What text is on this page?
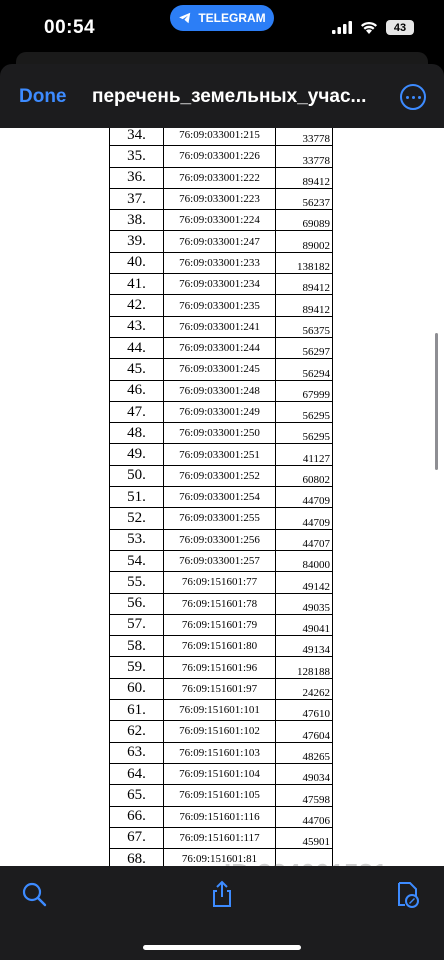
00:54	TELEGRAM
43
Done перечень_земельных_учас...
34.	76:09:033001:215	33778
35.	76:09:033001:226	33778
36.	76:09:033001:222	89412
37.	76:09:033001:223	56237
38.	76:09:033001:224	69089
39.	76:09:033001:247	89002
40.	76:09:033001:233	138182
41.	76:09:033001:234	89412
42.	76:09:033001:235	89412
43.	76:09:033001:241	56375
44.	76:09:033001:244	56297
45.	76:09:033001:245	56294
46.	76:09:033001:248	67999
47.	76:09:033001:249	56295
48.	76:09:033001:250	56295
49.	76:09:033001:251	41127
50.	76:09:033001:252	60802
51.	76:09:033001:254	44709
52.	76:09:033001:255	44709
53.	76:09:033001:256	44707
54.	76:09:033001:257	84000
55.	76:09:151601:77	49142
56.	76:09:151601:78	49035
57.	76:09:151601:79	49041
58.	76:09:151601:80	49134
59.	76:09:151601:96	128188
60.	76:09:151601:97	24262
61.	76:09:151601:101	47610
62.	76:09:151601:102	47604
63.	76:09:151601:103	48265
64.	76:09:151601:104	49034
65.	76:09:151601:105	47598
66.	76:09:151601:116	44706
67.	76:09:151601:117	45901
68.	76:09:151601:81	
